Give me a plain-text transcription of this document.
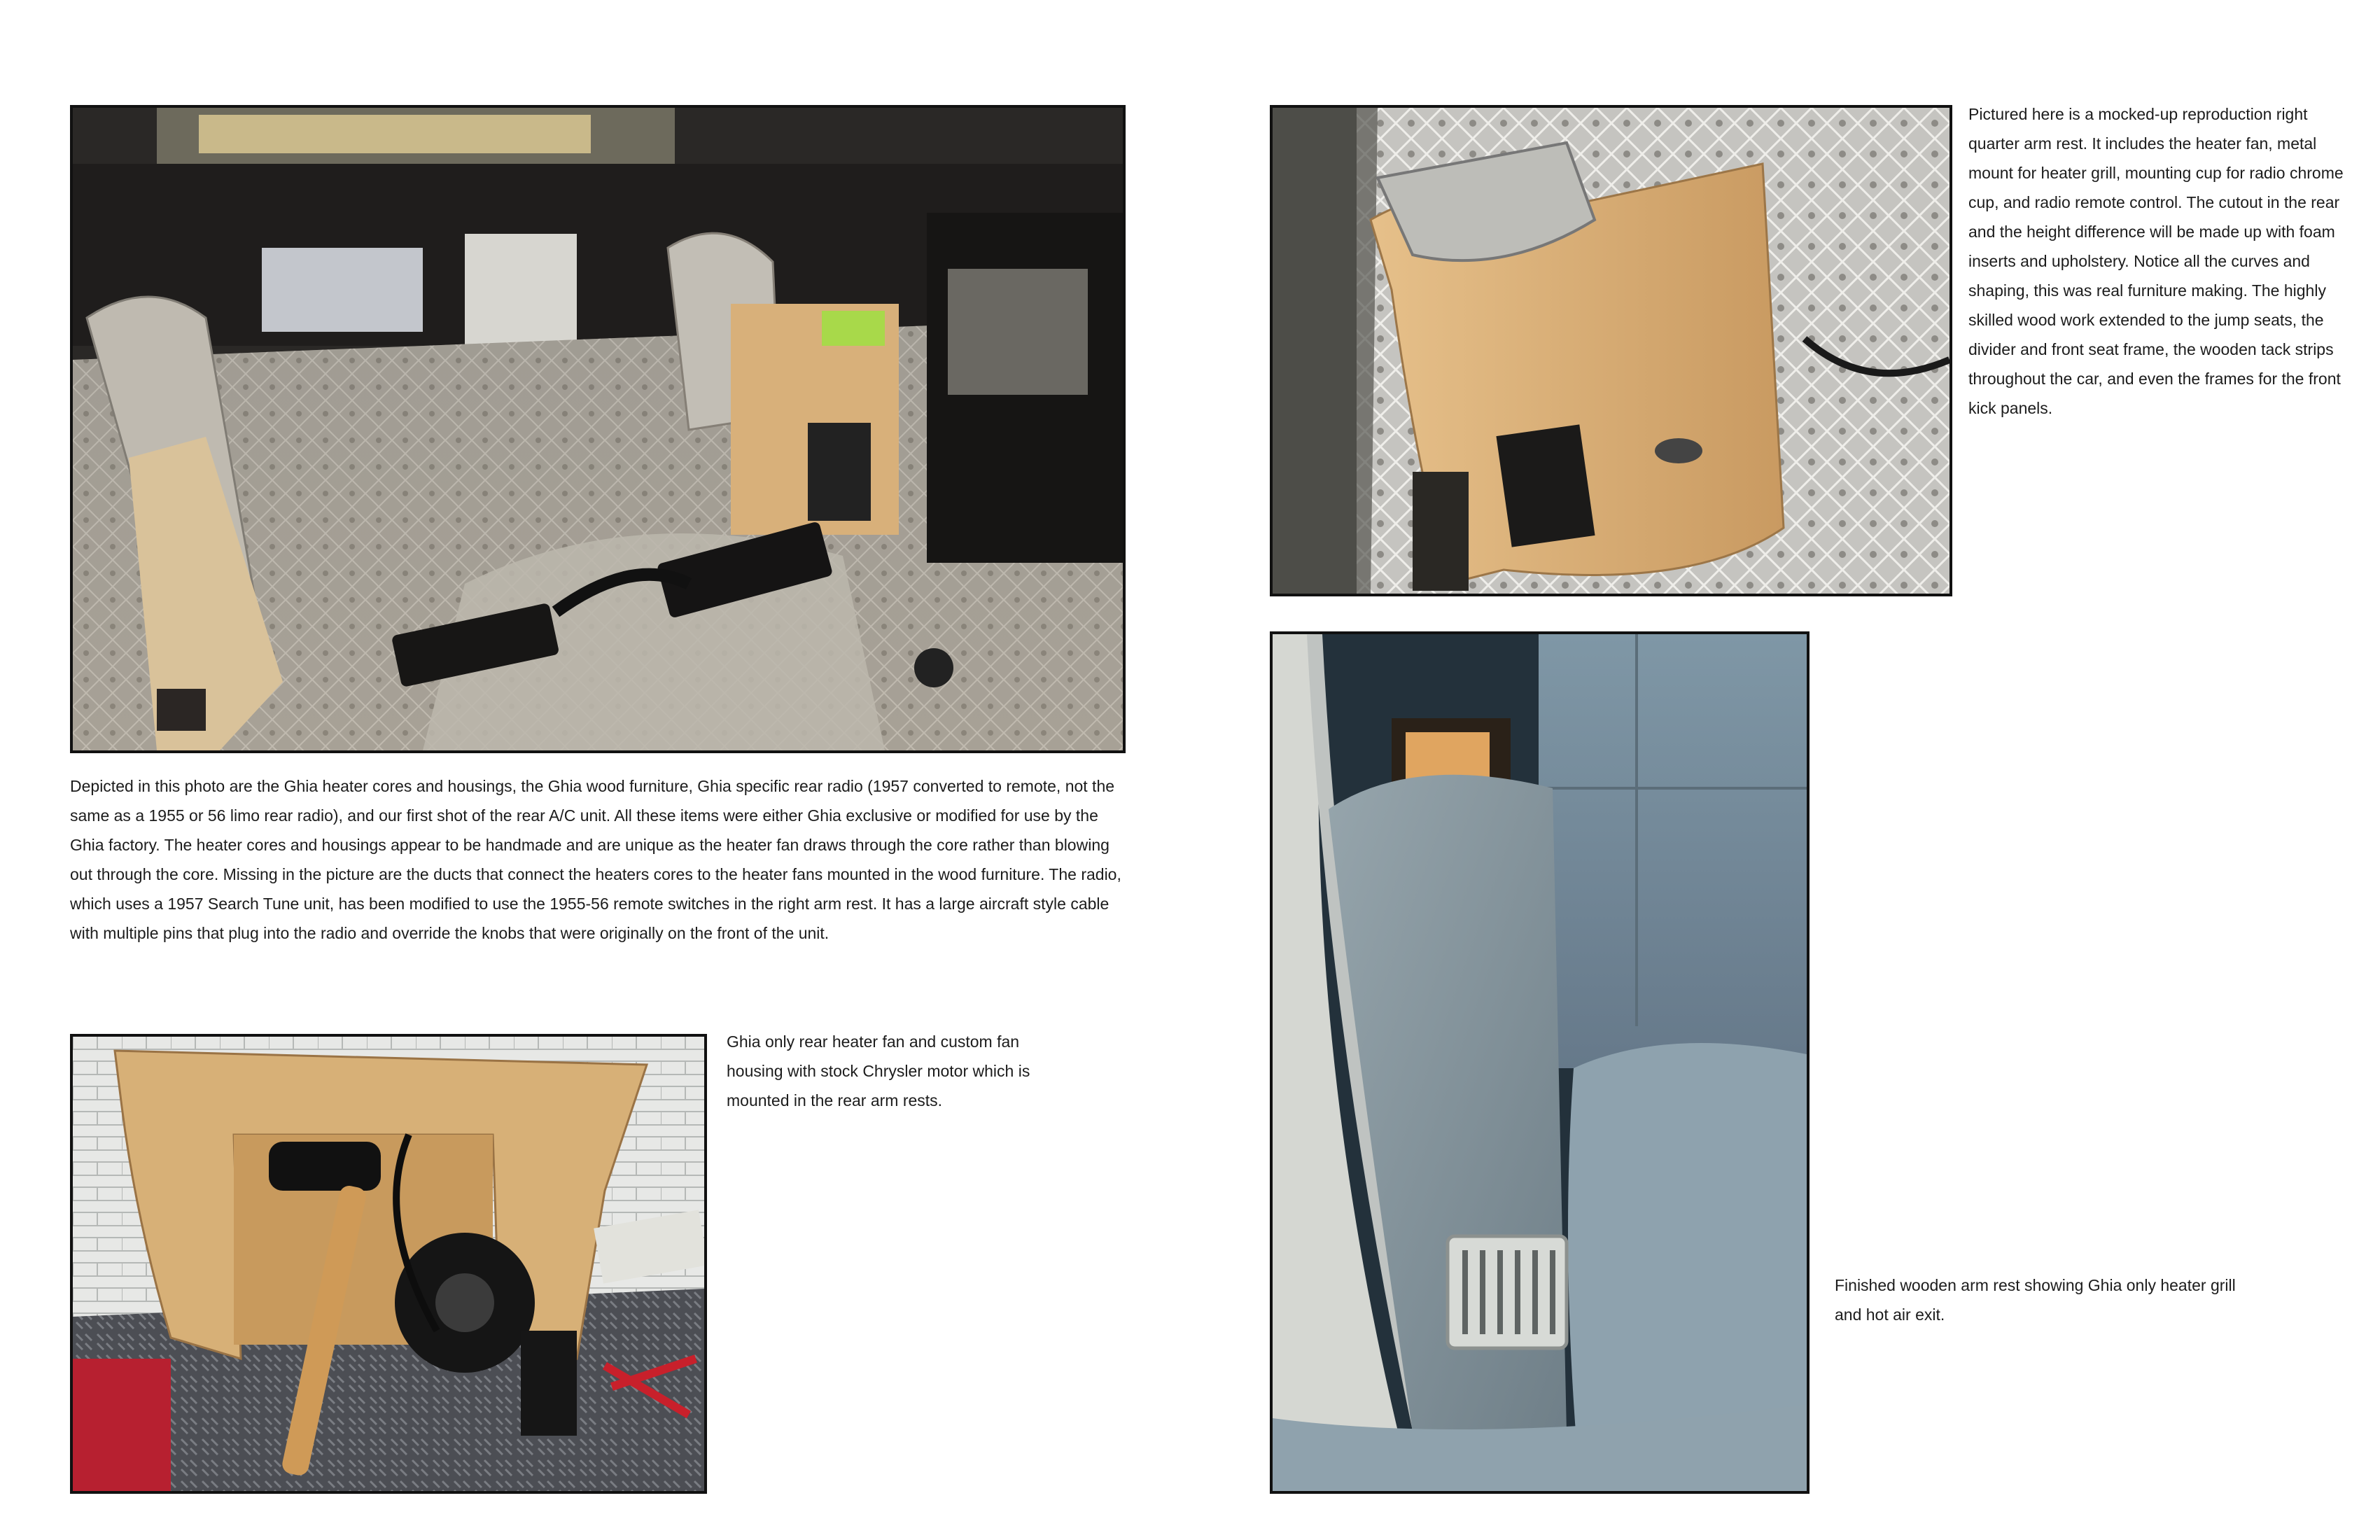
Depicted in this photo are the Ghia heater cores and housings, the Ghia wood furniture, Ghia specific rear radio (1957 converted to remote, not the same as a 1955 or 56 limo rear radio), and our first shot of the rear A/C unit. All these items were either Ghia exclusive or modified for use by the Ghia factory. The heater cores and housings appear to be handmade and are unique as the heater fan draws through the core rather than blowing out through the core. Missing in the picture are the ducts that connect the heaters cores to the heater fans mounted in the wood furniture. The radio, which uses a 1957 Search Tune unit, has been modified to use the 1955-56 remote switches in the right arm rest. It has a large aircraft style cable with multiple pins that plug into the radio and override the knobs that were originally on the front of the unit.

Pictured here is a mocked-up reproduction right quarter arm rest. It includes the heater fan, metal mount for heater grill, mounting cup for radio chrome cup, and radio remote control. The cutout in the rear and the height difference will be made up with foam inserts and upholstery. Notice all the curves and shaping, this was real furniture making. The highly skilled wood work extended to the jump seats, the divider and front seat frame, the wooden tack strips throughout the car, and even the frames for the front kick panels.

Ghia only rear heater fan and custom fan housing with stock Chrysler motor which is mounted in the rear arm rests.

Finished wooden arm rest showing Ghia only heater grill and hot air exit.
